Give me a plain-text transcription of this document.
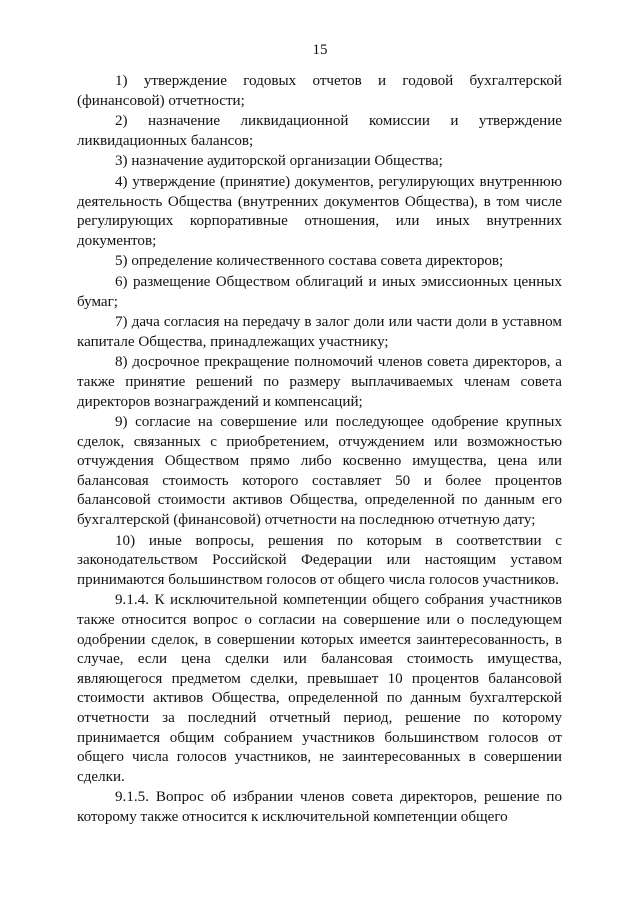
15

1) утверждение годовых отчетов и годовой бухгалтерской (финансовой) отчетности;

2) назначение ликвидационной комиссии и утверждение ликвидационных балансов;

3) назначение аудиторской организации Общества;

4) утверждение (принятие) документов, регулирующих внутреннюю деятельность Общества (внутренних документов Общества), в том числе регулирующих корпоративные отношения, или иных внутренних документов;

5) определение количественного состава совета директоров;

6) размещение Обществом облигаций и иных эмиссионных ценных бумаг;

7) дача согласия на передачу в залог доли или части доли в уставном капитале Общества, принадлежащих участнику;

8) досрочное прекращение полномочий членов совета директоров, а также принятие решений по размеру выплачиваемых членам совета директоров вознаграждений и компенсаций;

9) согласие на совершение или последующее одобрение крупных сделок, связанных с приобретением, отчуждением или возможностью отчуждения Обществом прямо либо косвенно имущества, цена или балансовая стоимость которого составляет 50 и более процентов балансовой стоимости активов Общества, определенной по данным его бухгалтерской (финансовой) отчетности на последнюю отчетную дату;

10) иные вопросы, решения по которым в соответствии с законодательством Российской Федерации или настоящим уставом принимаются большинством голосов от общего числа голосов участников.

9.1.4. К исключительной компетенции общего собрания участников также относится вопрос о согласии на совершение или о последующем одобрении сделок, в совершении которых имеется заинтересованность, в случае, если цена сделки или балансовая стоимость имущества, являющегося предметом сделки, превышает 10 процентов балансовой стоимости активов Общества, определенной по данным бухгалтерской отчетности за последний отчетный период, решение по которому принимается общим собранием участников большинством голосов от общего числа голосов участников, не заинтересованных в совершении сделки.

9.1.5. Вопрос об избрании членов совета директоров, решение по которому также относится к исключительной компетенции общего
